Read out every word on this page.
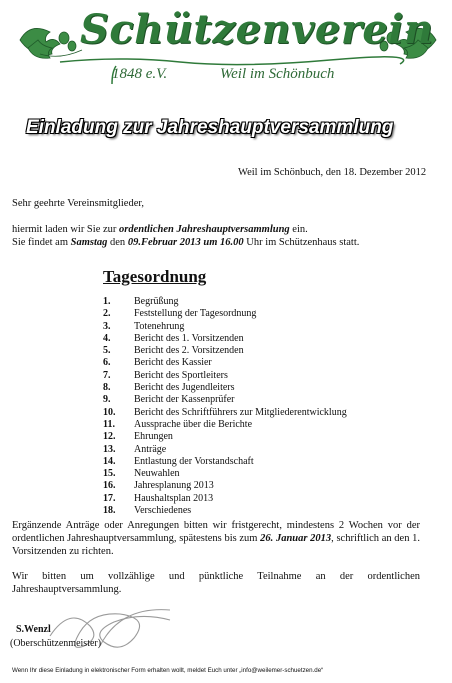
Schützenverein
1848 e.V.	Weil im Schönbuch
Einladung zur Jahreshauptversammlung
Weil im Schönbuch, den 18. Dezember 2012
Sehr geehrte Vereinsmitglieder,
hiermit laden wir Sie zur ordentlichen Jahreshauptversammlung ein.
Sie findet am Samstag den 09.Februar 2013 um 16.00 Uhr im Schützenhaus statt.
Tagesordnung
1.	Begrüßung
2.	Feststellung der Tagesordnung
3.	Totenehrung
4.	Bericht des 1. Vorsitzenden
5.	Bericht des 2. Vorsitzenden
6.	Bericht des Kassier
7.	Bericht des Sportleiters
8.	Bericht des Jugendleiters
9.	Bericht der Kassenprüfer
10.	Bericht des Schriftführers zur Mitgliederentwicklung
11.	Aussprache über die Berichte
12.	Ehrungen
13.	Anträge
14.	Entlastung der Vorstandschaft
15.	Neuwahlen
16.	Jahresplanung 2013
17.	Haushaltsplan 2013
18.	Verschiedenes
Ergänzende Anträge oder Anregungen bitten wir fristgerecht, mindestens 2 Wochen vor der ordentlichen Jahreshauptversammlung, spätestens bis zum 26. Januar 2013, schriftlich an den 1. Vorsitzenden zu richten.
Wir bitten um vollzählige und pünktliche Teilnahme an der ordentlichen Jahreshauptversammlung.
S.Wenzl
(Oberschützenmeister)
Wenn Ihr diese Einladung in elektronischer Form erhalten wollt, meldet Euch unter „info@weilemer-schuetzen.de“
